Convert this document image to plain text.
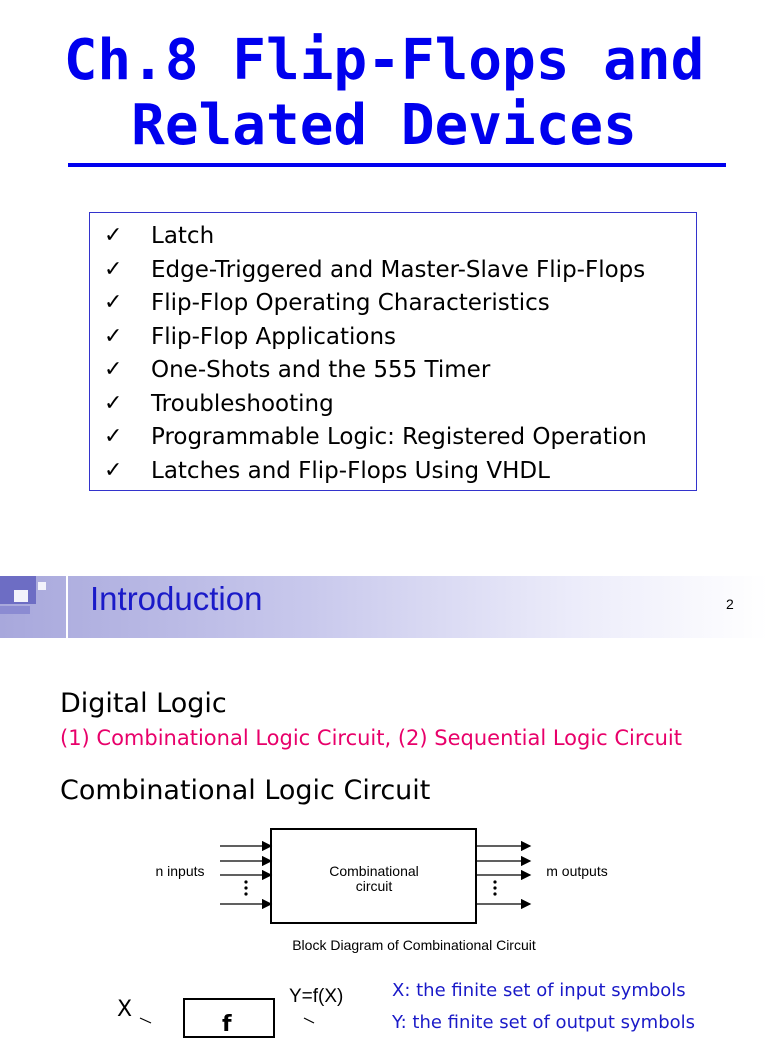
Ch.8 Flip-Flops and
Related Devices
✓ Latch
✓ Edge-Triggered and Master-Slave Flip-Flops
✓ Flip-Flop Operating Characteristics
✓ Flip-Flop Applications
✓ One-Shots and the 555 Timer
✓ Troubleshooting
✓ Programmable Logic: Registered Operation
✓ Latches and Flip-Flops Using VHDL
Introduction	2
Digital Logic
(1) Combinational Logic Circuit, (2) Sequential Logic Circuit
Combinational Logic Circuit
n inputs	m outputs
Combinational
circuit
Block Diagram of Combinational Circuit
X
f
Y=f(X)	X: the finite set of input symbols
Y: the finite set of output symbols
